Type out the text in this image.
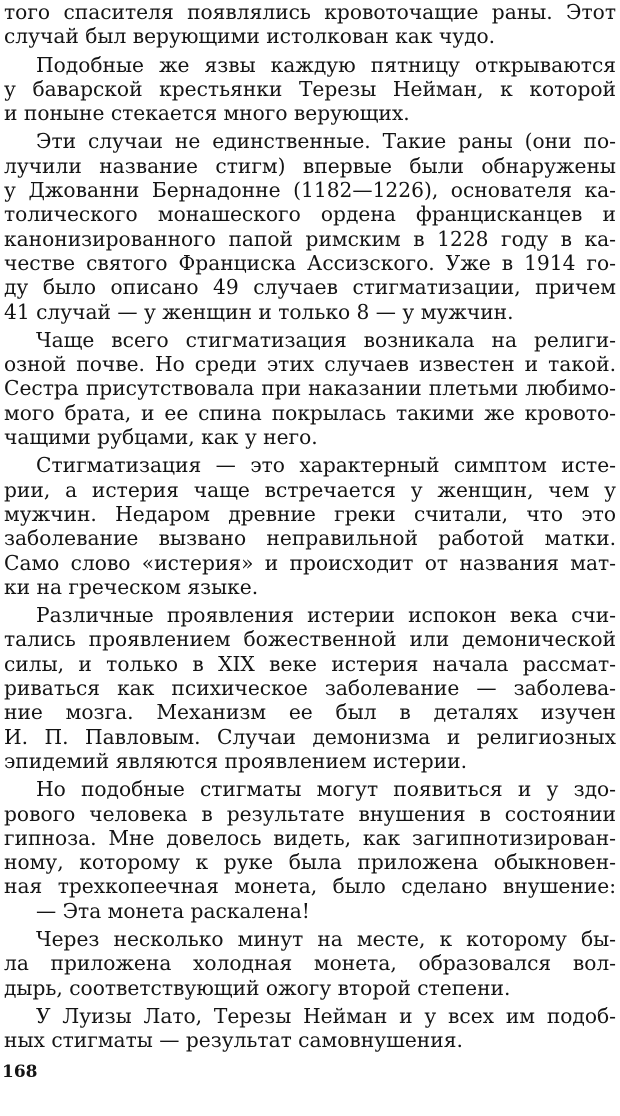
того спасителя появлялись кровоточащие раны. Этот
случай был верующими истолкован как чудо.
Подобные же язвы каждую пятницу открываются
у баварской крестьянки Терезы Нейман, к которой
и поныне стекается много верующих.
Эти случаи не единственные. Такие раны (они по-
лучили название стигм) впервые были обнаружены
у Джованни Бернадонне (1182—1226), основателя ка-
толического монашеского ордена францисканцев и
канонизированного папой римским в 1228 году в ка-
честве святого Франциска Ассизского. Уже в 1914 го-
ду было описано 49 случаев стигматизации, причем
41 случай — у женщин и только 8 — у мужчин.
Чаще всего стигматизация возникала на религи-
озной почве. Но среди этих случаев известен и такой.
Сестра присутствовала при наказании плетьми любимо-
мого брата, и ее спина покрылась такими же кровото-
чащими рубцами, как у него.
Стигматизация — это характерный симптом исте-
рии, а истерия чаще встречается у женщин, чем у
мужчин. Недаром древние греки считали, что это
заболевание вызвано неправильной работой матки.
Само слово «истерия» и происходит от названия мат-
ки на греческом языке.
Различные проявления истерии испокон века счи-
тались проявлением божественной или демонической
силы, и только в XIX веке истерия начала рассмат-
риваться как психическое заболевание — заболева-
ние мозга. Механизм ее был в деталях изучен
И. П. Павловым. Случаи демонизма и религиозных
эпидемий являются проявлением истерии.
Но подобные стигматы могут появиться и у здо-
рового человека в результате внушения в состоянии
гипноза. Мне довелось видеть, как загипнотизирован-
ному, которому к руке была приложена обыкновен-
ная трехкопеечная монета, было сделано внушение:
— Эта монета раскалена!
Через несколько минут на месте, к которому бы-
ла приложена холодная монета, образовался вол-
дырь, соответствующий ожогу второй степени.
У Луизы Лато, Терезы Нейман и у всех им подоб-
ных стигматы — результат самовнушения.
168
